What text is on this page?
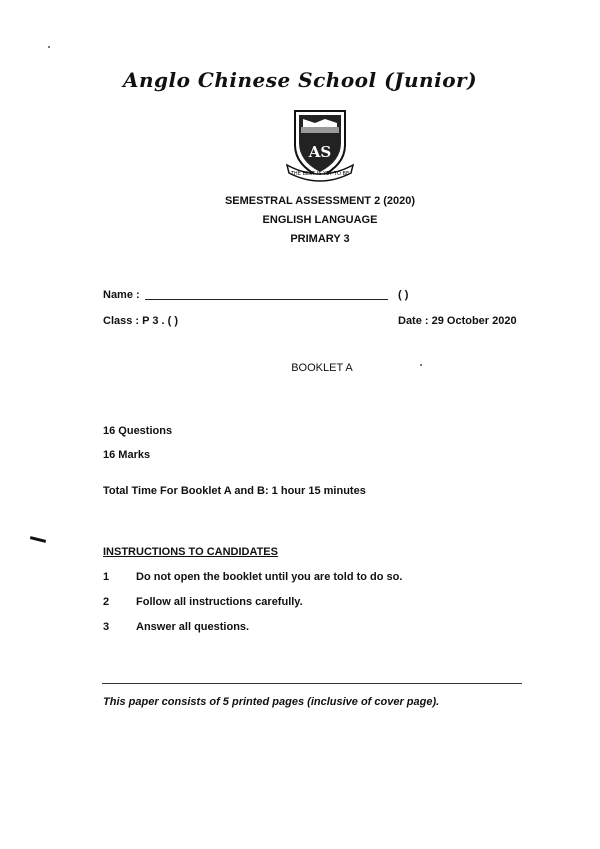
Anglo Chinese School (Junior)
AS
THE BEST IS YET TO BE
SEMESTRAL ASSESSMENT 2 (2020)
ENGLISH LANGUAGE
PRIMARY 3
Name :	( )
Class : P 3 . ( )	Date : 29 October 2020
BOOKLET A
16 Questions
16 Marks
Total Time For Booklet A and B: 1 hour 15 minutes
INSTRUCTIONS TO CANDIDATES
1 Do not open the booklet until you are told to do so.
2 Follow all instructions carefully.
3 Answer all questions.
This paper consists of 5 printed pages (inclusive of cover page).
